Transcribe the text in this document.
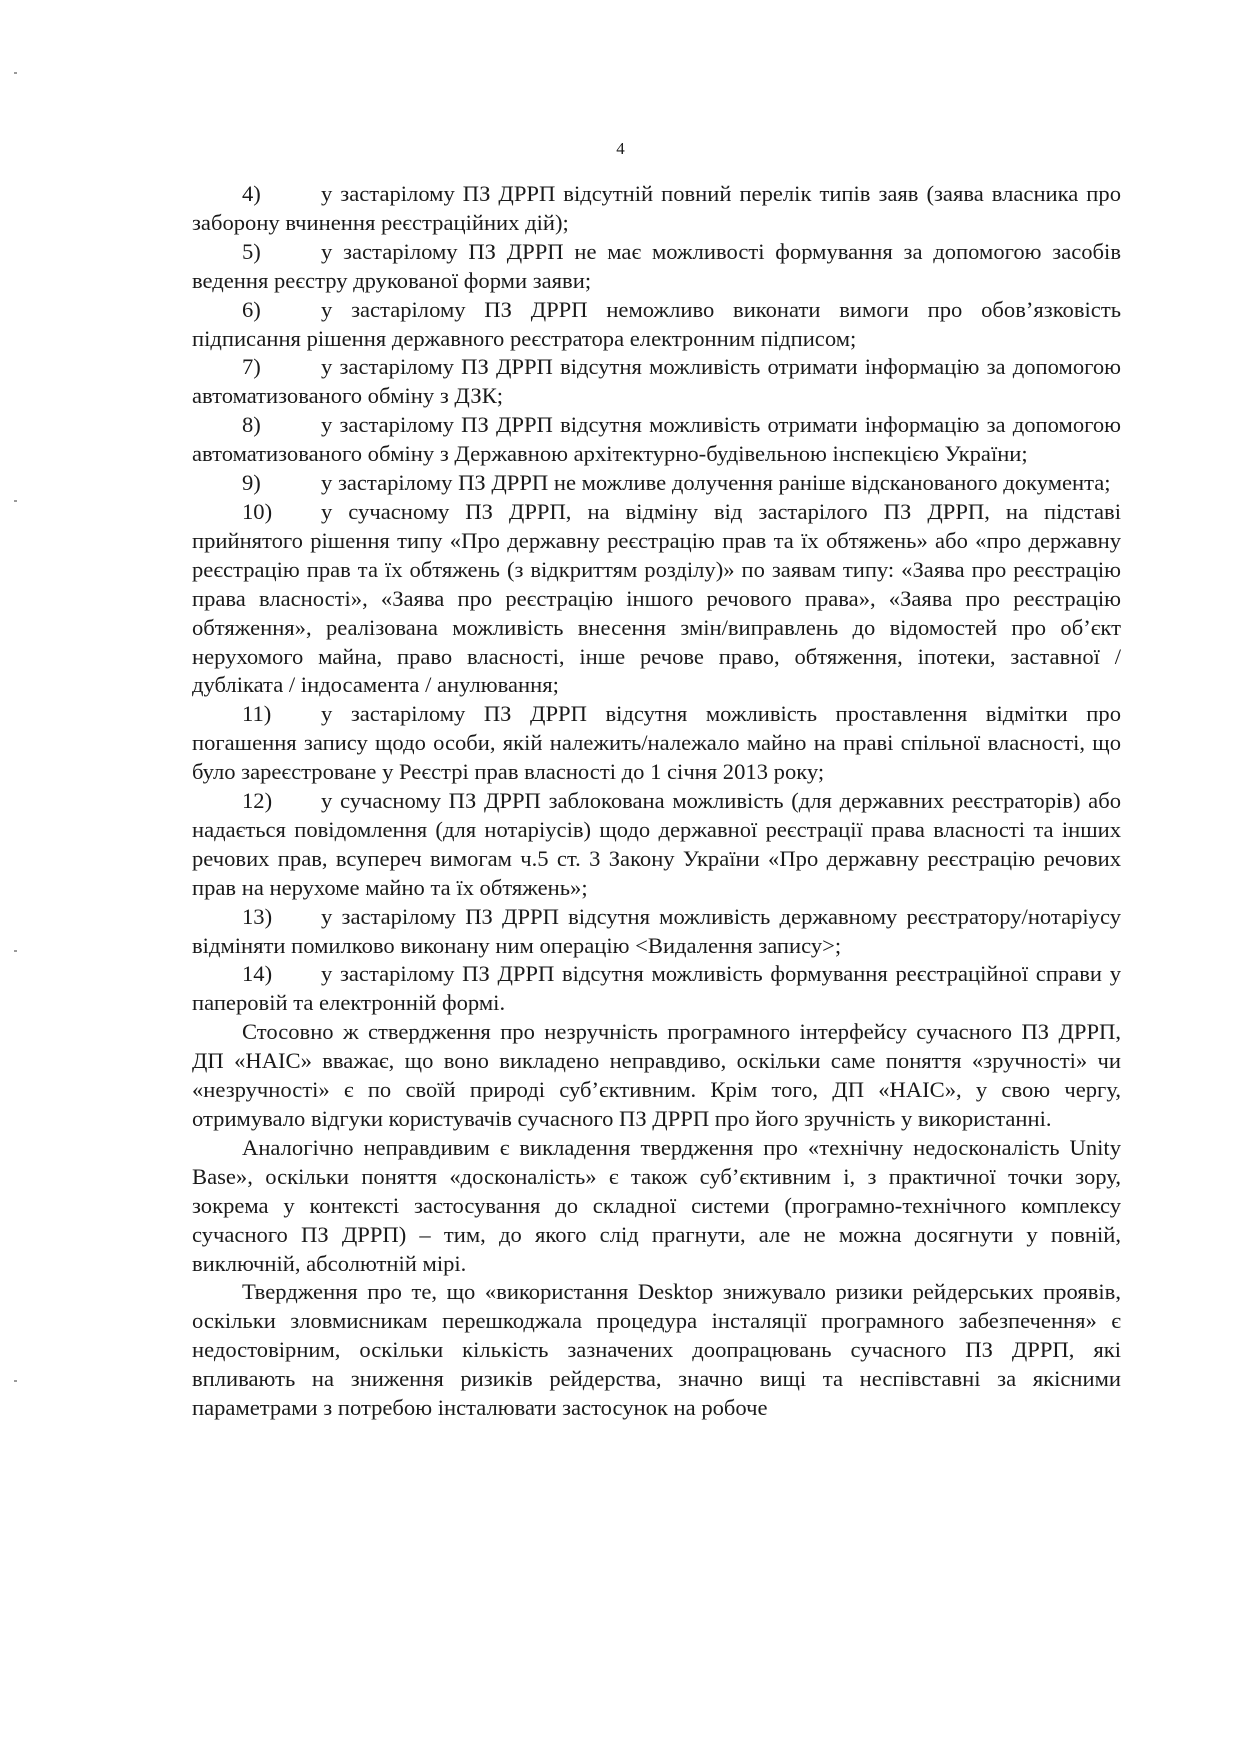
4

4)	у застарілому ПЗ ДРРП відсутній повний перелік типів заяв (заява власника про заборону вчинення реєстраційних дій);

5)	у застарілому ПЗ ДРРП не має можливості формування за допомогою засобів ведення реєстру друкованої форми заяви;

6)	у застарілому ПЗ ДРРП неможливо виконати вимоги про обов’язковість підписання рішення державного реєстратора електронним підписом;

7)	у застарілому ПЗ ДРРП відсутня можливість отримати інформацію за допомогою автоматизованого обміну з ДЗК;

8)	у застарілому ПЗ ДРРП відсутня можливість отримати інформацію за допомогою автоматизованого обміну з Державною архітектурно-будівельною інспекцією України;

9)	у застарілому ПЗ ДРРП не можливе долучення раніше відсканованого документа;

10) у сучасному ПЗ ДРРП, на відміну від застарілого ПЗ ДРРП, на підставі прийнятого рішення типу «Про державну реєстрацію прав та їх обтяжень» або «про державну реєстрацію прав та їх обтяжень (з відкриттям розділу)» по заявам типу: «Заява про реєстрацію права власності», «Заява про реєстрацію іншого речового права», «Заява про реєстрацію обтяження», реалізована можливість внесення змін/виправлень до відомостей про об’єкт нерухомого майна, право власності, інше речове право, обтяження, іпотеки, заставної / дубліката / індосамента / анулювання;

11) у застарілому ПЗ ДРРП відсутня можливість проставлення відмітки про погашення запису щодо особи, якій належить/належало майно на праві спільної власності, що було зареєстроване у Реєстрі прав власності до 1 січня 2013 року;

12) у сучасному ПЗ ДРРП заблокована можливість (для державних реєстраторів) або надається повідомлення (для нотаріусів) щодо державної реєстрації права власності та інших речових прав, всупереч вимогам ч.5 ст. 3 Закону України «Про державну реєстрацію речових прав на нерухоме майно та їх обтяжень»;

13) у застарілому ПЗ ДРРП відсутня можливість державному реєстратору/нотаріусу відміняти помилково виконану ним операцію <Видалення запису>;

14) у застарілому ПЗ ДРРП відсутня можливість формування реєстраційної справи у паперовій та електронній формі.

Стосовно ж ствердження про незручність програмного інтерфейсу сучасного ПЗ ДРРП, ДП «НАІС» вважає, що воно викладено неправдиво, оскільки саме поняття «зручності» чи «незручності» є по своїй природі суб’єктивним. Крім того, ДП «НАІС», у свою чергу, отримувало відгуки користувачів сучасного ПЗ ДРРП про його зручність у використанні.

Аналогічно неправдивим є викладення твердження про «технічну недосконалість Unity Base», оскільки поняття «досконалість» є також суб’єктивним і, з практичної точки зору, зокрема у контексті застосування до складної системи (програмно-технічного комплексу сучасного ПЗ ДРРП) – тим, до якого слід прагнути, але не можна досягнути у повній, виключній, абсолютній мірі.

Твердження про те, що «використання Desktop знижувало ризики рейдерських проявів, оскільки зловмисникам перешкоджала процедура інсталяції програмного забезпечення» є недостовірним, оскільки кількість зазначених доопрацювань сучасного ПЗ ДРРП, які впливають на зниження ризиків рейдерства, значно вищі та неспівставні за якісними параметрами з потребою інсталювати застосунок на робоче
